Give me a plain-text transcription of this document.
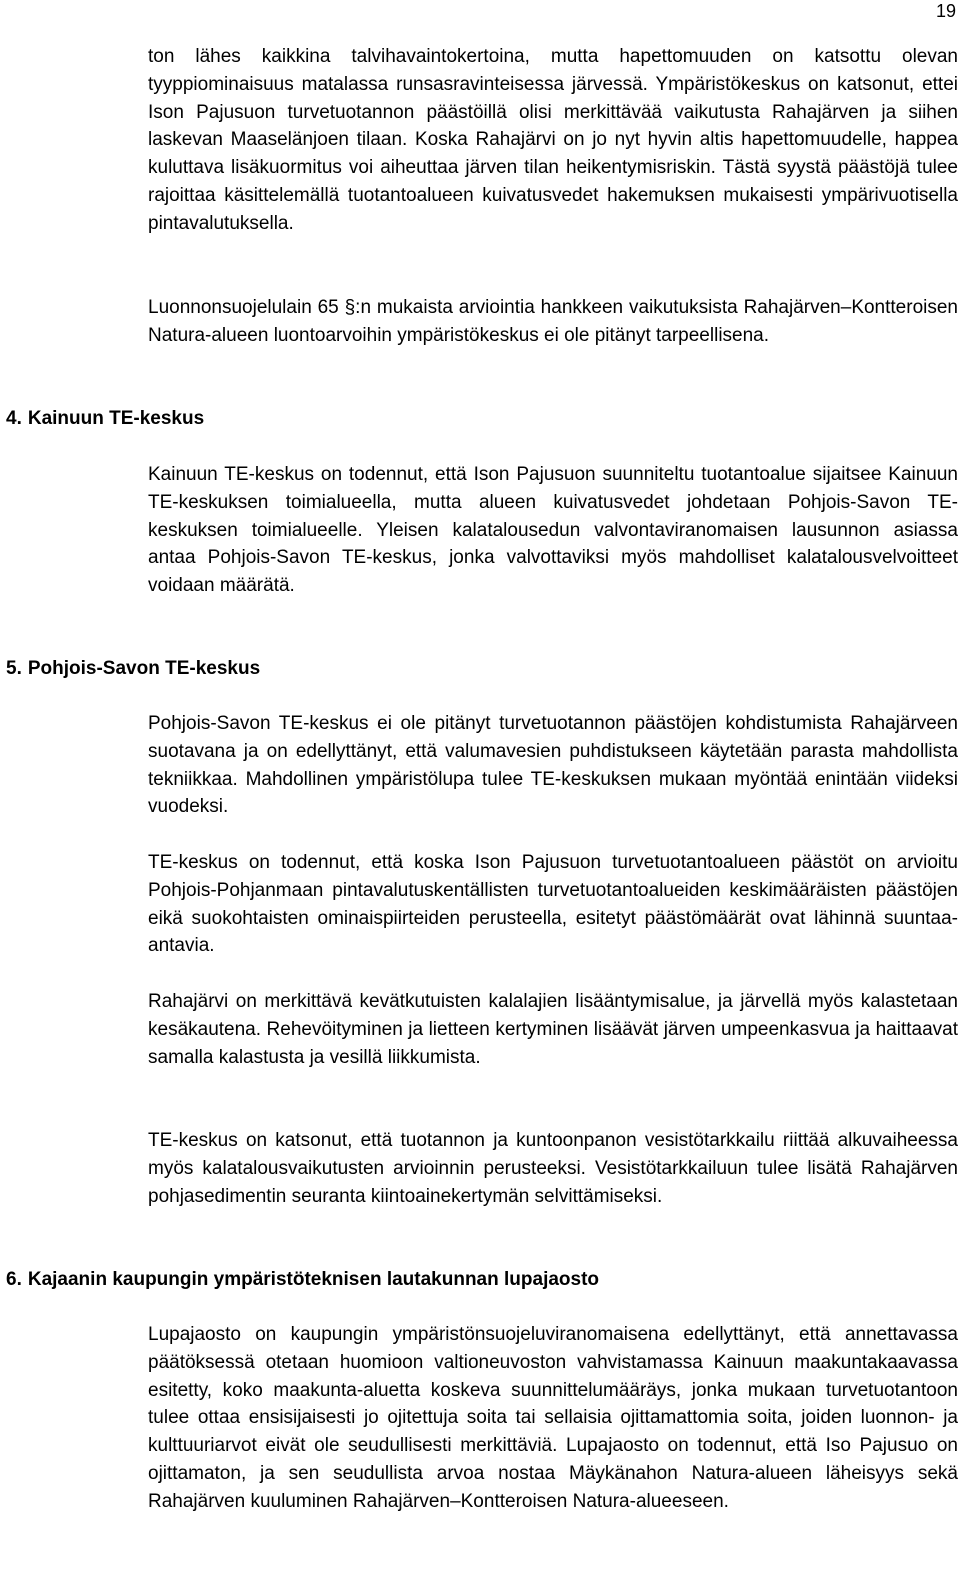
19

ton lähes kaikkina talvihavaintokertoina, mutta hapettomuuden on katsottu olevan tyyppiominaisuus matalassa runsasravinteisessa järvessä. Ympäristökeskus on katsonut, ettei Ison Pajusuon turvetuotannon päästöillä olisi merkittävää vaikutusta Rahajärven ja siihen laskevan Maaselänjoen tilaan. Koska Rahajärvi on jo nyt hyvin altis hapettomuudelle, happea kuluttava lisäkuormitus voi aiheuttaa järven tilan heikentymisriskin. Tästä syystä päästöjä tulee rajoittaa käsittelemällä tuotantoalueen kuivatusvedet hakemuksen mukaisesti ympärivuotisella pintavalutuksella.

Luonnonsuojelulain 65 §:n mukaista arviointia hankkeen vaikutuksista Rahajärven–Kontteroisen Natura-alueen luontoarvoihin ympäristökeskus ei ole pitänyt tarpeellisena.

4. Kainuun TE-keskus

Kainuun TE-keskus on todennut, että Ison Pajusuon suunniteltu tuotantoalue sijaitsee Kainuun TE-keskuksen toimialueella, mutta alueen kuivatusvedet johdetaan Pohjois-Savon TE-keskuksen toimialueelle. Yleisen kalatalousedun valvontaviranomaisen lausunnon asiassa antaa Pohjois-Savon TE-keskus, jonka valvottaviksi myös mahdolliset kalatalousvelvoitteet voidaan määrätä.

5. Pohjois-Savon TE-keskus

Pohjois-Savon TE-keskus ei ole pitänyt turvetuotannon päästöjen kohdistumista Rahajärveen suotavana ja on edellyttänyt, että valumavesien puhdistukseen käytetään parasta mahdollista tekniikkaa. Mahdollinen ympäristölupa tulee TE-keskuksen mukaan myöntää enintään viideksi vuodeksi.

TE-keskus on todennut, että koska Ison Pajusuon turvetuotantoalueen päästöt on arvioitu Pohjois-Pohjanmaan pintavalutuskentällisten turvetuotantoalueiden keskimääräisten päästöjen eikä suokohtaisten ominaispiirteiden perusteella, esitetyt päästömäärät ovat lähinnä suuntaa-antavia.

Rahajärvi on merkittävä kevätkutuisten kalalajien lisääntymisalue, ja järvellä myös kalastetaan kesäkautena. Rehevöityminen ja lietteen kertyminen lisäävät järven umpeenkasvua ja haittaavat samalla kalastusta ja vesillä liikkumista.

TE-keskus on katsonut, että tuotannon ja kuntoonpanon vesistötarkkailu riittää alkuvaiheessa myös kalatalousvaikutusten arvioinnin perusteeksi. Vesistötarkkailuun tulee lisätä Rahajärven pohjasedimentin seuranta kiintoainekertymän selvittämiseksi.

6. Kajaanin kaupungin ympäristöteknisen lautakunnan lupajaosto

Lupajaosto on kaupungin ympäristönsuojeluviranomaisena edellyttänyt, että annettavassa päätöksessä otetaan huomioon valtioneuvoston vahvistamassa Kainuun maakuntakaavassa esitetty, koko maakunta-aluetta koskeva suunnittelumääräys, jonka mukaan turvetuotantoon tulee ottaa ensisijaisesti jo ojitettuja soita tai sellaisia ojittamattomia soita, joiden luonnon- ja kulttuuriarvot eivät ole seudullisesti merkittäviä. Lupajaosto on todennut, että Iso Pajusuo on ojittamaton, ja sen seudullista arvoa nostaa Mäykänahon Natura-alueen läheisyys sekä Rahajärven kuuluminen Rahajärven–Kontteroisen Natura-alueeseen.
